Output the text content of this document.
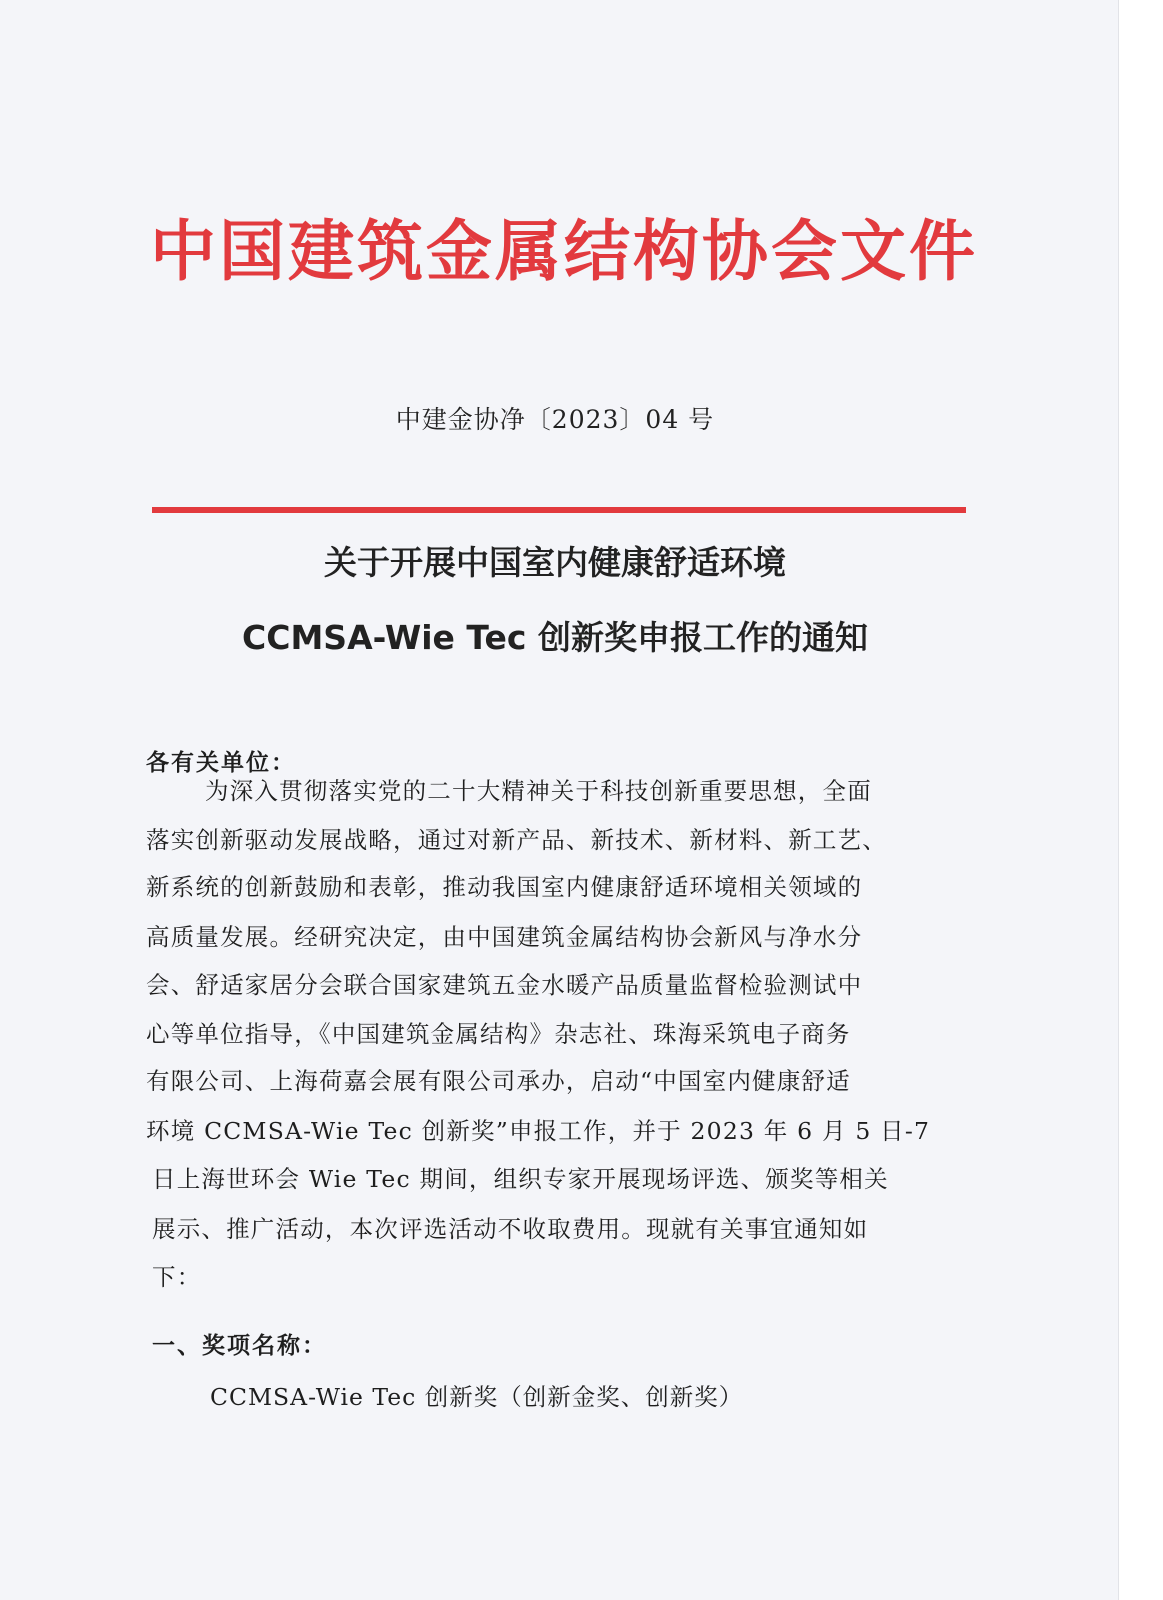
中国建筑金属结构协会文件
中建金协净〔2023〕04 号
关于开展中国室内健康舒适环境
CCMSA-Wie Tec 创新奖申报工作的通知
各有关单位：
为深入贯彻落实党的二十大精神关于科技创新重要思想，全面
落实创新驱动发展战略，通过对新产品、新技术、新材料、新工艺、
新系统的创新鼓励和表彰，推动我国室内健康舒适环境相关领域的
高质量发展。经研究决定，由中国建筑金属结构协会新风与净水分
会、舒适家居分会联合国家建筑五金水暖产品质量监督检验测试中
心等单位指导，《中国建筑金属结构》杂志社、珠海采筑电子商务
有限公司、上海荷嘉会展有限公司承办，启动“中国室内健康舒适
环境 CCMSA-Wie Tec 创新奖”申报工作，并于 2023 年 6 月 5 日-7
日上海世环会 Wie Tec 期间，组织专家开展现场评选、颁奖等相关
展示、推广活动，本次评选活动不收取费用。现就有关事宜通知如
下：
一、奖项名称：
CCMSA-Wie Tec 创新奖（创新金奖、创新奖）
